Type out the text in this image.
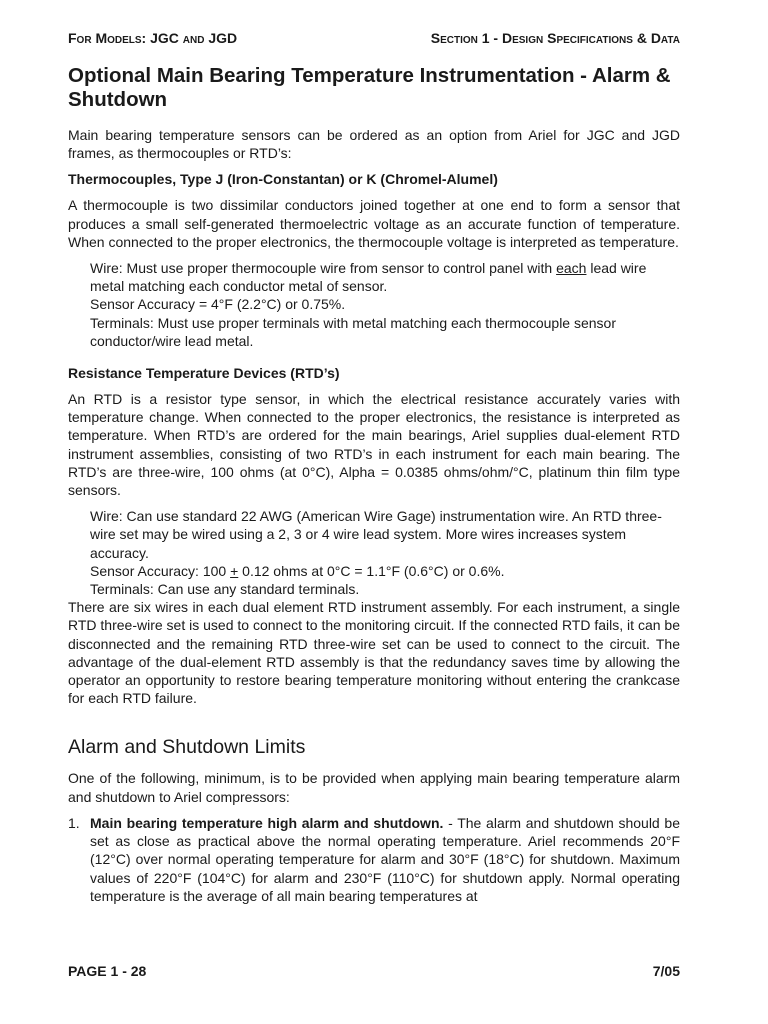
For Models: JGC and JGD	Section 1 - Design Specifications & Data
Optional Main Bearing Temperature Instrumentation - Alarm & Shutdown

Main bearing temperature sensors can be ordered as an option from Ariel for JGC and JGD frames, as thermocouples or RTD’s:

Thermocouples, Type J (Iron-Constantan) or K (Chromel-Alumel)

A thermocouple is two dissimilar conductors joined together at one end to form a sensor that produces a small self-generated thermoelectric voltage as an accurate function of temperature. When connected to the proper electronics, the thermocouple voltage is interpreted as temperature.

Wire: Must use proper thermocouple wire from sensor to control panel with each lead wire metal matching each conductor metal of sensor.
Sensor Accuracy = 4°F (2.2°C) or 0.75%.
Terminals: Must use proper terminals with metal matching each thermocouple sensor conductor/wire lead metal.
Resistance Temperature Devices (RTD’s)

An RTD is a resistor type sensor, in which the electrical resistance accurately varies with temperature change. When connected to the proper electronics, the resistance is interpreted as temperature. When RTD’s are ordered for the main bearings, Ariel supplies dual-element RTD instrument assemblies, consisting of two RTD’s in each instrument for each main bearing. The RTD’s are three-wire, 100 ohms (at 0°C), Alpha = 0.0385 ohms/ohm/°C, platinum thin film type sensors.

Wire: Can use standard 22 AWG (American Wire Gage) instrumentation wire. An RTD three-wire set may be wired using a 2, 3 or 4 wire lead system. More wires increases system accuracy.
Sensor Accuracy: 100 + 0.12 ohms at 0°C = 1.1°F (0.6°C) or 0.6%.
Terminals: Can use any standard terminals.

There are six wires in each dual element RTD instrument assembly. For each instrument, a single RTD three-wire set is used to connect to the monitoring circuit. If the connected RTD fails, it can be disconnected and the remaining RTD three-wire set can be used to connect to the circuit. The advantage of the dual-element RTD assembly is that the redundancy saves time by allowing the operator an opportunity to restore bearing temperature monitoring without entering the crankcase for each RTD failure.

Alarm and Shutdown Limits

One of the following, minimum, is to be provided when applying main bearing temperature alarm and shutdown to Ariel compressors:

1. Main bearing temperature high alarm and shutdown. - The alarm and shutdown should be set as close as practical above the normal operating temperature. Ariel recommends 20°F (12°C) over normal operating temperature for alarm and 30°F (18°C) for shutdown. Maximum values of 220°F (104°C) for alarm and 230°F (110°C) for shutdown apply. Normal operating temperature is the average of all main bearing temperatures at
PAGE 1 - 28	7/05
